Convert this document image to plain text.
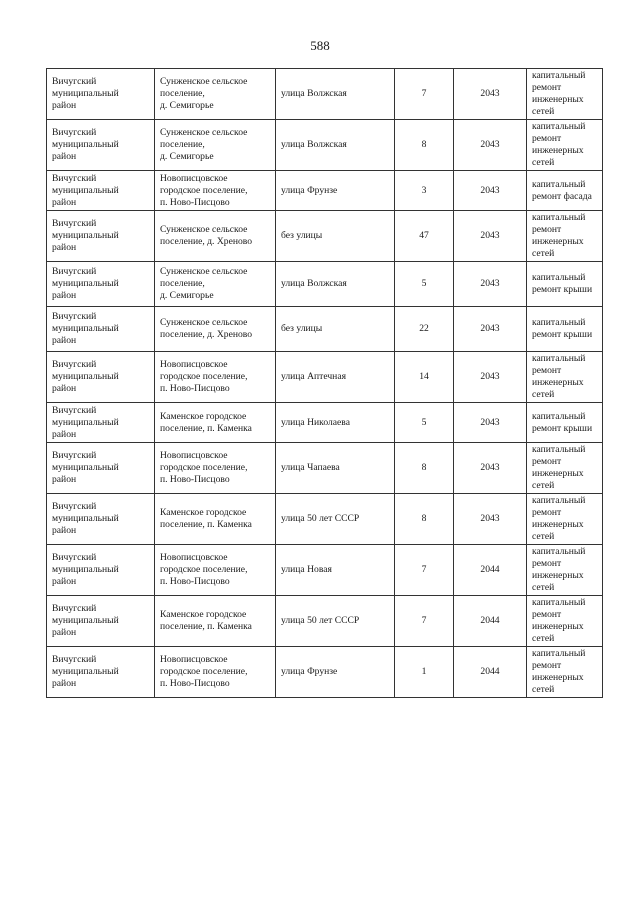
588
Вичугский
муниципальный
район	Сунженское сельское
поселение,
д. Семигорье	улица Волжская	7	2043	капитальный
ремонт
инженерных
сетей

Вичугский
муниципальный
район	Сунженское сельское
поселение,
д. Семигорье	улица Волжская	8	2043	капитальный
ремонт
инженерных
сетей

Вичугский
муниципальный
район	Новописцовское
городское поселение,
п. Ново-Писцово	улица Фрунзе	3	2043	капитальный
ремонт фасада

Вичугский
муниципальный
район	Сунженское сельское
поселение, д. Хреново	без улицы	47	2043	капитальный
ремонт
инженерных
сетей

Вичугский
муниципальный
район	Сунженское сельское
поселение,
д. Семигорье	улица Волжская	5	2043	капитальный
ремонт крыши

Вичугский
муниципальный
район	Сунженское сельское
поселение, д. Хреново	без улицы	22	2043	капитальный
ремонт крыши

Вичугский
муниципальный
район	Новописцовское
городское поселение,
п. Ново-Писцово	улица Аптечная	14	2043	капитальный
ремонт
инженерных
сетей

Вичугский
муниципальный
район	Каменское городское
поселение, п. Каменка	улица Николаева	5	2043	капитальный
ремонт крыши

Вичугский
муниципальный
район	Новописцовское
городское поселение,
п. Ново-Писцово	улица Чапаева	8	2043	капитальный
ремонт
инженерных
сетей

Вичугский
муниципальный
район	Каменское городское
поселение, п. Каменка	улица 50 лет СССР	8	2043	капитальный
ремонт
инженерных
сетей

Вичугский
муниципальный
район	Новописцовское
городское поселение,
п. Ново-Писцово	улица Новая	7	2044	капитальный
ремонт
инженерных
сетей

Вичугский
муниципальный
район	Каменское городское
поселение, п. Каменка	улица 50 лет СССР	7	2044	капитальный
ремонт
инженерных
сетей

Вичугский
муниципальный
район	Новописцовское
городское поселение,
п. Ново-Писцово	улица Фрунзе	1	2044	капитальный
ремонт
инженерных
сетей
